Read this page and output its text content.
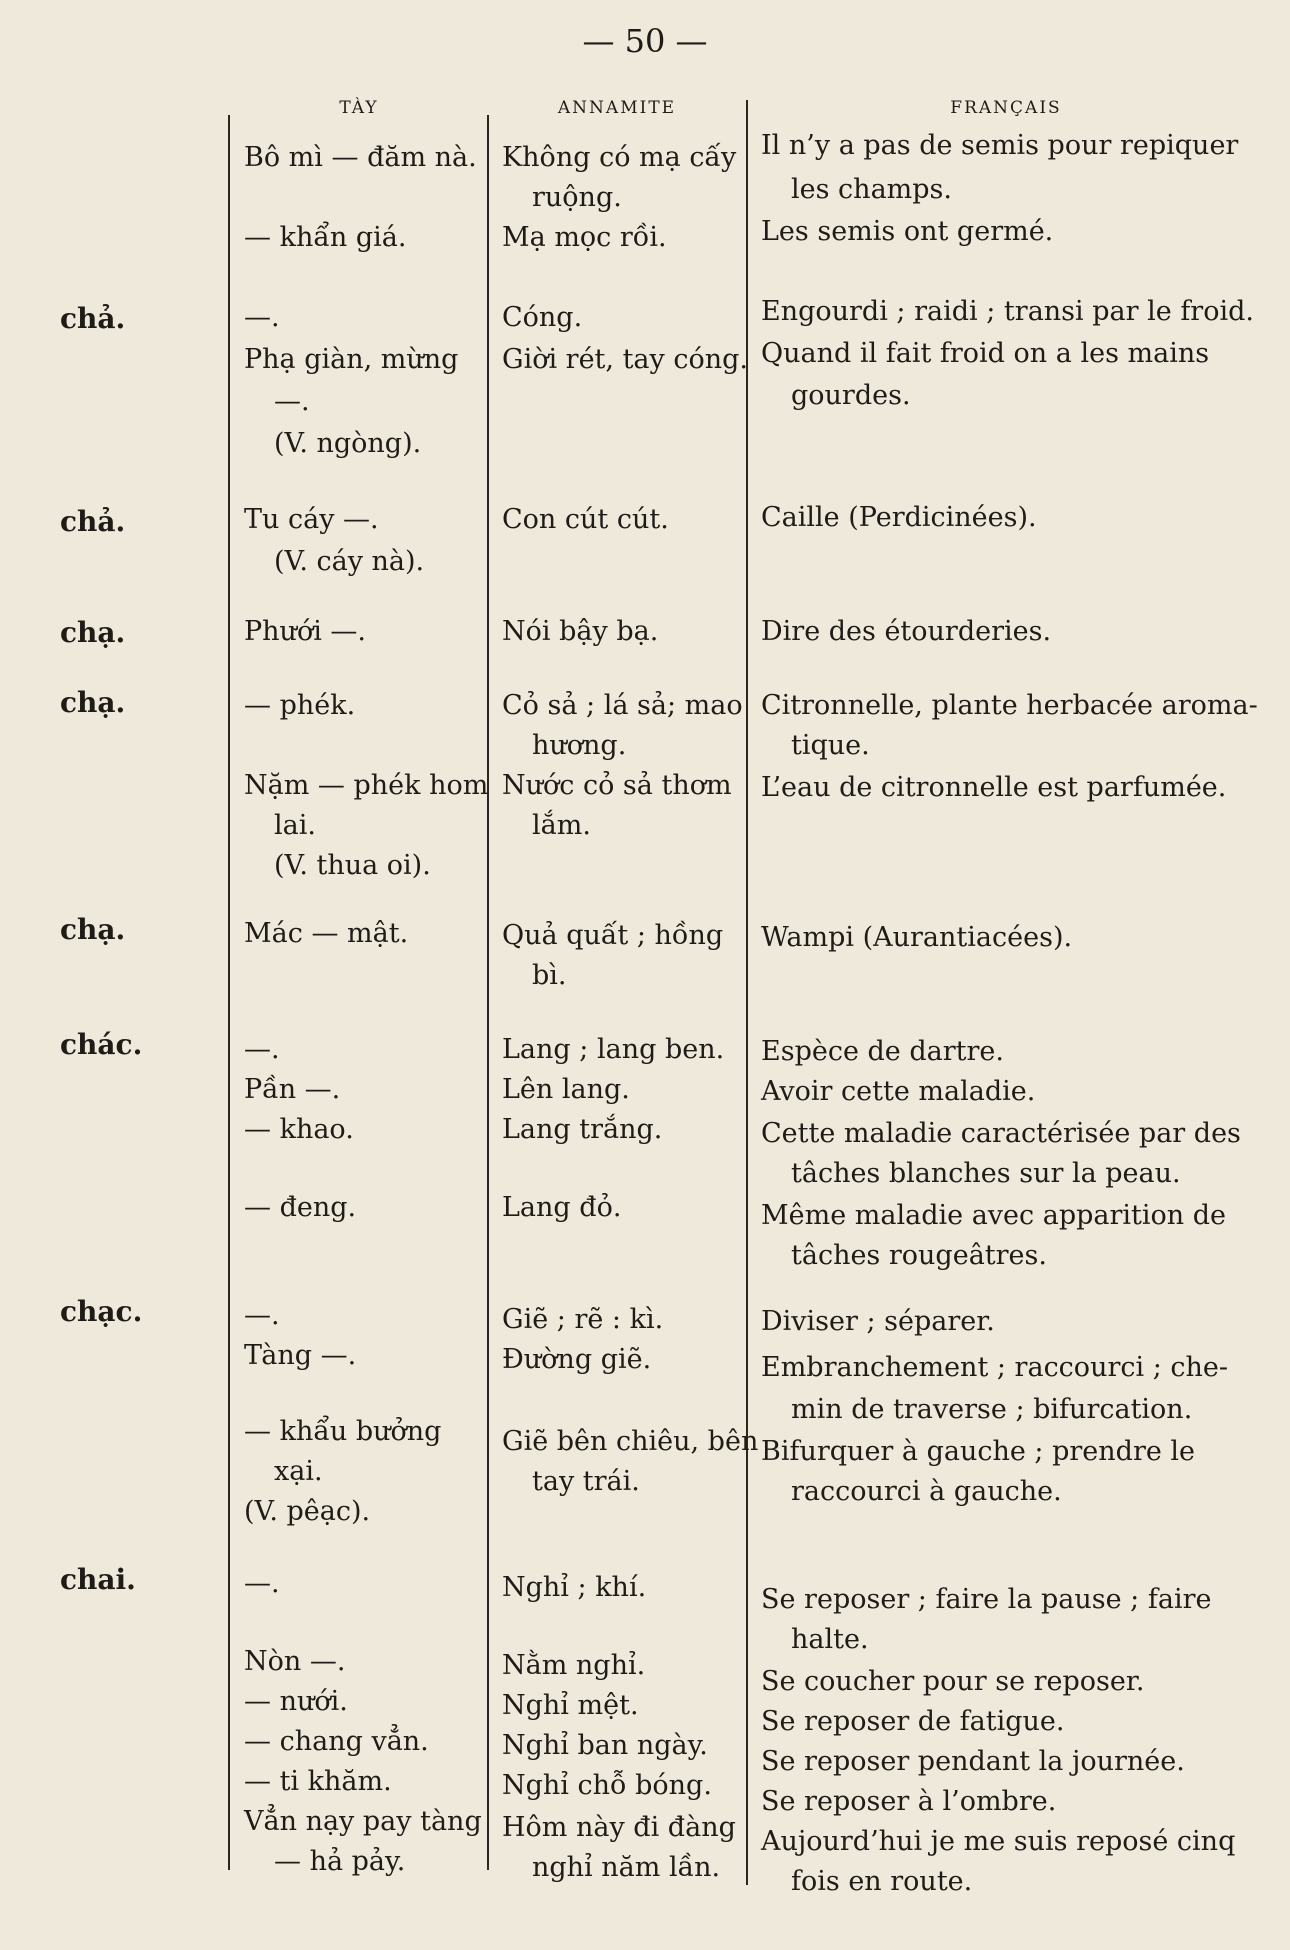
— 50 —
TÀY	ANNAMITE	FRANÇAIS
chả.
chả.
chạ.
chạ.
chạ.
chác.
chạc.
chai.
Bô mì — đăm nà.
— khẩn giá.
—.
Phạ giàn, mừng
—.
(V. ngòng).
Tu cáy —.
(V. cáy nà).
Phưới —.
— phék.
Nặm — phék hom
lai.
(V. thua oi).
Mác — mật.
—.
Pần —.
— khao.
— đeng.
—.
Tàng —.
— khẩu bưởng
xại.
(V. pêạc).
—.
Nòn —.
— nưới.
— chang vẳn.
— ti khăm.
Vẳn nạy pay tàng
— hả pảy.
Không có mạ cấy
ruộng.
Mạ mọc rồi.
Cóng.
Giời rét, tay cóng.
Con cút cút.
Nói bậy bạ.
Cỏ sả ; lá sả; mao
hương.
Nước cỏ sả thơm
lắm.
Quả quất ; hồng
bì.
Lang ; lang ben.
Lên lang.
Lang trắng.
Lang đỏ.
Giẽ ; rẽ : kì.
Đường giẽ.
Giẽ bên chiêu, bên
tay trái.
Nghỉ ; khí.
Nằm nghỉ.
Nghỉ mệt.
Nghỉ ban ngày.
Nghỉ chỗ bóng.
Hôm này đi đàng
nghỉ năm lần.
Il n’y a pas de semis pour repiquer
les champs.
Les semis ont germé.
Engourdi ; raidi ; transi par le froid.
Quand il fait froid on a les mains
gourdes.
Caille (Perdicinées).
Dire des étourderies.
Citronnelle, plante herbacée aroma-
tique.
L’eau de citronnelle est parfumée.
Wampi (Aurantiacées).
Espèce de dartre.
Avoir cette maladie.
Cette maladie caractérisée par des
tâches blanches sur la peau.
Même maladie avec apparition de
tâches rougeâtres.
Diviser ; séparer.
Embranchement ; raccourci ; che-
min de traverse ; bifurcation.
Bifurquer à gauche ; prendre le
raccourci à gauche.
Se reposer ; faire la pause ; faire
halte.
Se coucher pour se reposer.
Se reposer de fatigue.
Se reposer pendant la journée.
Se reposer à l’ombre.
Aujourd’hui je me suis reposé cinq
fois en route.
